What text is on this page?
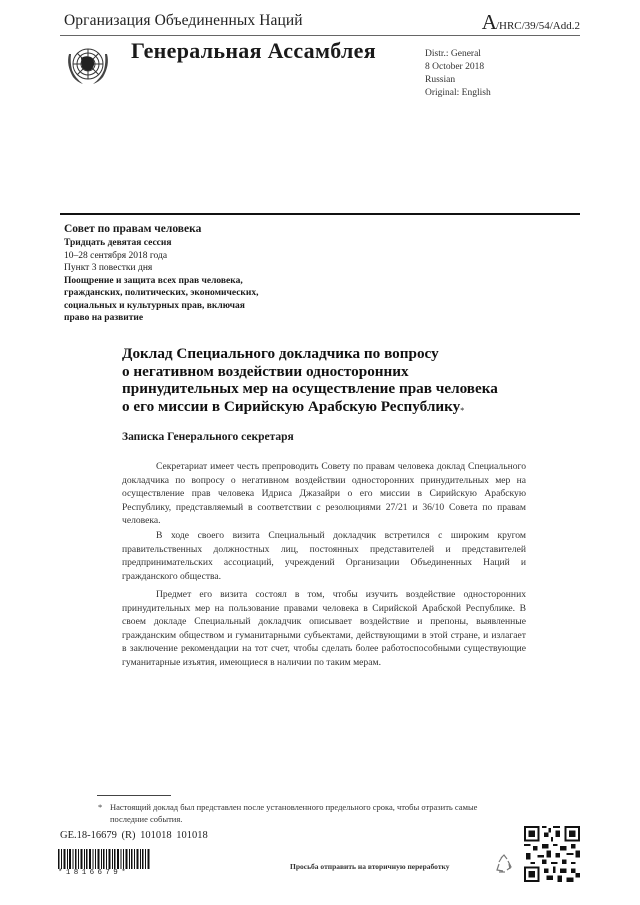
Организация Объединенных Наций	A/HRC/39/54/Add.2
Генеральная Ассамблея	Distr.: General
8 October 2018
Russian
Original: English
Совет по правам человека
Тридцать девятая сессия
10–28 сентября 2018 года
Пункт 3 повестки дня
Поощрение и защита всех прав человека,
гражданских, политических, экономических,
социальных и культурных прав, включая
право на развитие
Доклад Специального докладчика по вопросу
о негативном воздействии односторонних
принудительных мер на осуществление прав человека
о его миссии в Сирийскую Арабскую Республику*
Записка Генерального секретаря

Секретариат имеет честь препроводить Совету по правам человека доклад Специального докладчика по вопросу о негативном воздействии односторонних принудительных мер на осуществление прав человека Идриса Джазайри о его миссии в Сирийскую Арабскую Республику, представляемый в соответствии с резолюциями 27/21 и 36/10 Совета по правам человека.

В ходе своего визита Специальный докладчик встретился с широким кругом правительственных должностных лиц, постоянных представителей и представителей предпринимательских ассоциаций, учреждений Организации Объединенных Наций и гражданского общества.

Предмет его визита состоял в том, чтобы изучить воздействие односторонних принудительных мер на пользование правами человека в Сирийской Арабской Республике. В своем докладе Специальный докладчик описывает воздействие и препоны, выявленные гражданским обществом и гуманитарными субъектами, действующими в этой стране, и излагает в заключение рекомендации на тот счет, чтобы сделать более работоспособными существующие гуманитарные изъятия, имеющиеся в наличии по таким мерам.

* Настоящий доклад был представлен после установленного предельного срока, чтобы отразить самые последние события.
GE.18-16679 (R) 101018 101018
*1816679*
Просьба отправить на вторичную переработку
